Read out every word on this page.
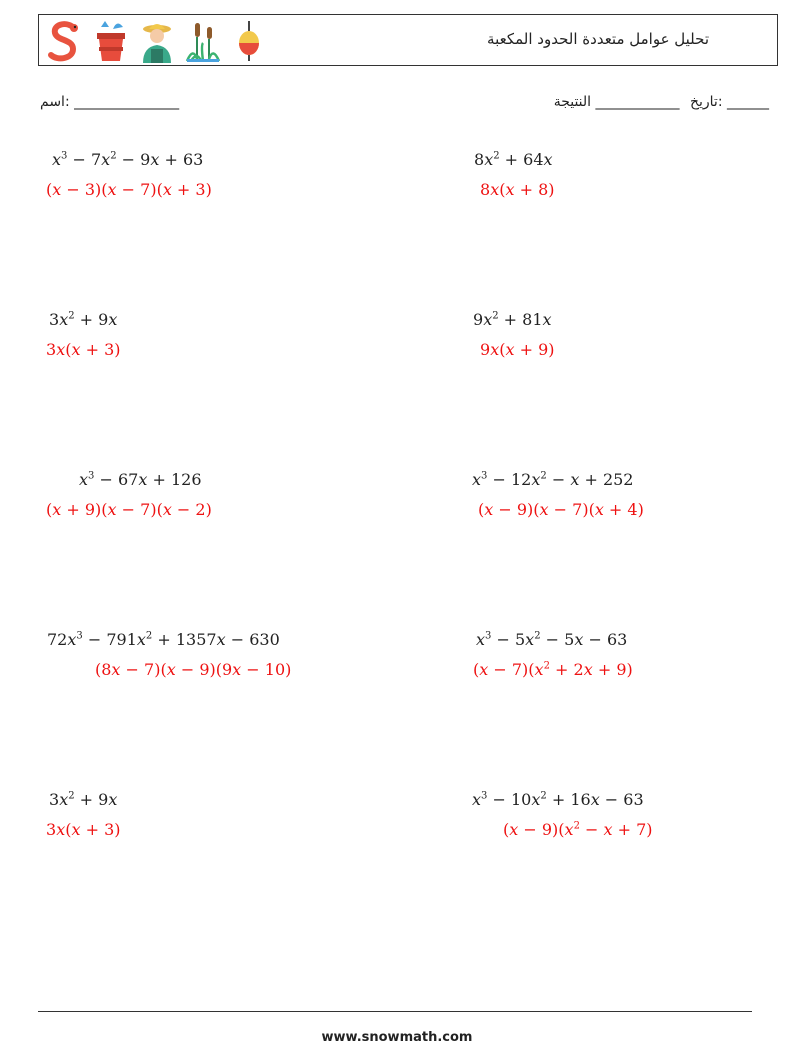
تحليل عوامل متعددة الحدود المكعبة
_______________ :اسم	______ :تاريخ ____________ النتيجة
$x^3 - 7x^2 - 9x + 63$
(x − 3)(x − 7)(x + 3)
$8x^2 + 64x$
8x(x + 8)
$3x^2 + 9x$
3x(x + 3)
$9x^2 + 81x$
9x(x + 9)
$x^3 - 67x + 126$
(x + 9)(x − 7)(x − 2)
$x^3 - 12x^2 - x + 252$
(x − 9)(x − 7)(x + 4)
$72x^3 - 791x^2 + 1357x - 630$
(8x − 7)(x − 9)(9x − 10)
$x^3 - 5x^2 - 5x - 63$
$(x - 7)(x^2 + 2x + 9)$
$3x^2 + 9x$
3x(x + 3)
$x^3 - 10x^2 + 16x - 63$
$(x - 9)(x^2 - x + 7)$
www.snowmath.com
